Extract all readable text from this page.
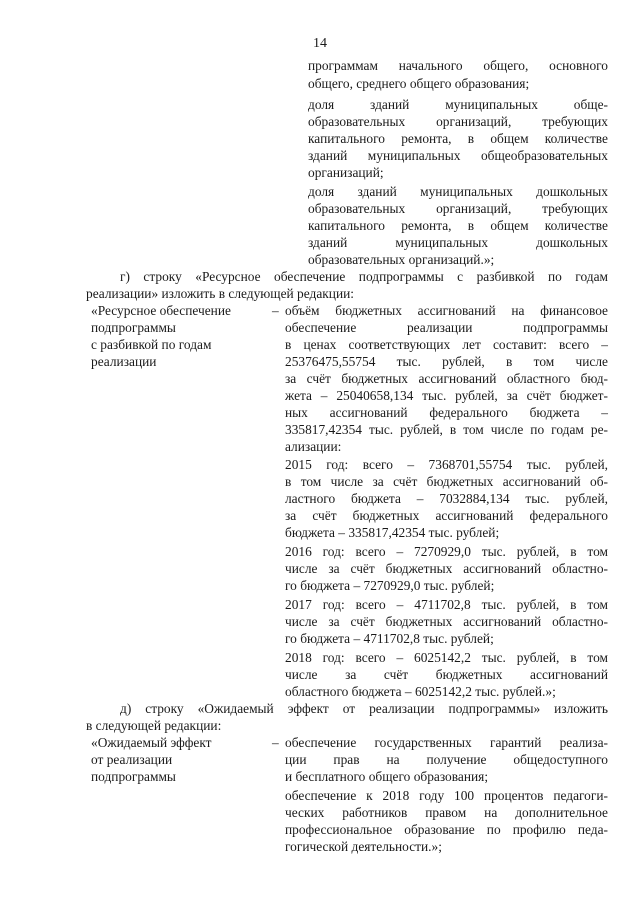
14
программам начального общего, основного
общего, среднего общего образования;
доля зданий муниципальных обще-
образовательных организаций, требующих
капитального ремонта, в общем количестве
зданий муниципальных общеобразовательных
организаций;
доля зданий муниципальных дошкольных
образовательных организаций, требующих
капитального ремонта, в общем количестве
зданий муниципальных дошкольных
образовательных организаций.»;
г) строку «Ресурсное обеспечение подпрограммы с разбивкой по годам
реализации» изложить в следующей редакции:
«Ресурсное обеспечение
подпрограммы
с разбивкой по годам
реализации
– объём бюджетных ассигнований на финансовое
обеспечение реализации подпрограммы
в ценах соответствующих лет составит: всего –
25376475,55754 тыс. рублей, в том числе
за счёт бюджетных ассигнований областного бюд-
жета – 25040658,134 тыс. рублей, за счёт бюджет-
ных ассигнований федерального бюджета –
335817,42354 тыс. рублей, в том числе по годам ре-
ализации:
2015 год: всего – 7368701,55754 тыс. рублей,
в том числе за счёт бюджетных ассигнований об-
ластного бюджета – 7032884,134 тыс. рублей,
за счёт бюджетных ассигнований федерального
бюджета – 335817,42354 тыс. рублей;
2016 год: всего – 7270929,0 тыс. рублей, в том
числе за счёт бюджетных ассигнований областно-
го бюджета – 7270929,0 тыс. рублей;
2017 год: всего – 4711702,8 тыс. рублей, в том
числе за счёт бюджетных ассигнований областно-
го бюджета – 4711702,8 тыс. рублей;
2018 год: всего – 6025142,2 тыс. рублей, в том
числе за счёт бюджетных ассигнований
областного бюджета – 6025142,2 тыс. рублей.»;
д) строку «Ожидаемый эффект от реализации подпрограммы» изложить
в следующей редакции:
«Ожидаемый эффект
от реализации
подпрограммы
– обеспечение государственных гарантий реализа-
ции прав на получение общедоступного
и бесплатного общего образования;
обеспечение к 2018 году 100 процентов педагоги-
ческих работников правом на дополнительное
профессиональное образование по профилю педа-
гогической деятельности.»;
